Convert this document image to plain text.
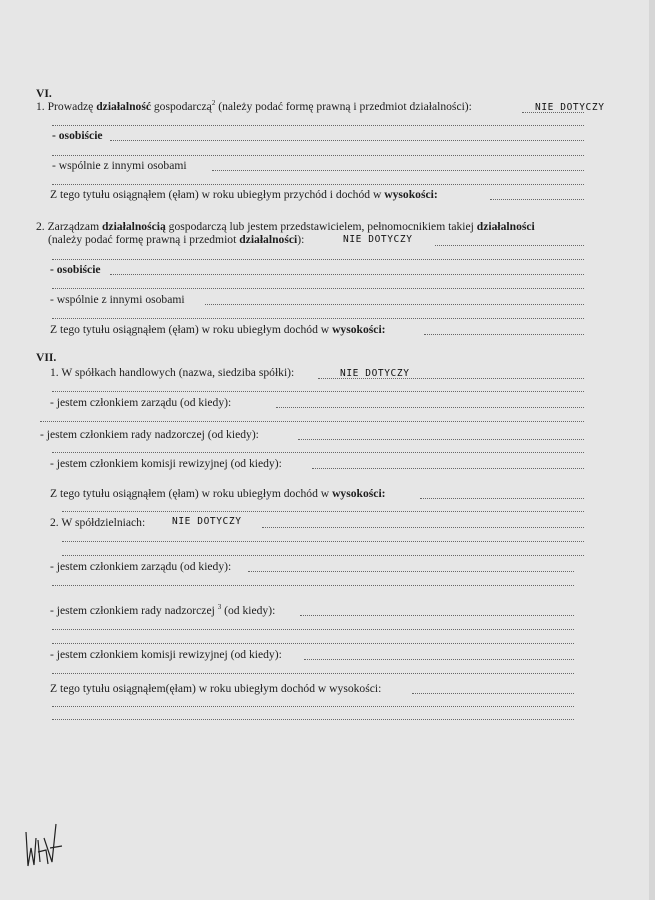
VI.
1. Prowadzę działalność gospodarczą$^2$ (należy podać formę prawną i przedmiot działalności):	NIE DOTYCZY
- osobiście
- wspólnie z innymi osobami
Z tego tytułu osiągnąłem (ęłam) w roku ubiegłym przychód i dochód w wysokości:
2. Zarządzam działalnością gospodarczą lub jestem przedstawicielem, pełnomocnikiem takiej działalności
(należy podać formę prawną i przedmiot działalności):	NIE DOTYCZY
- osobiście
- wspólnie z innymi osobami
Z tego tytułu osiągnąłem (ęłam) w roku ubiegłym dochód w wysokości:
VII.
1. W spółkach handlowych (nazwa, siedziba spółki):	NIE DOTYCZY
- jestem członkiem zarządu (od kiedy):
- jestem członkiem rady nadzorczej (od kiedy):
- jestem członkiem komisji rewizyjnej (od kiedy):
Z tego tytułu osiągnąłem (ęłam) w roku ubiegłym dochód w wysokości:
2. W spółdzielniach:	NIE DOTYCZY
- jestem członkiem zarządu (od kiedy):
- jestem członkiem rady nadzorczej $^3$ (od kiedy):
- jestem członkiem komisji rewizyjnej (od kiedy):
Z tego tytułu osiągnąłem(ęłam) w roku ubiegłym dochód w wysokości:
